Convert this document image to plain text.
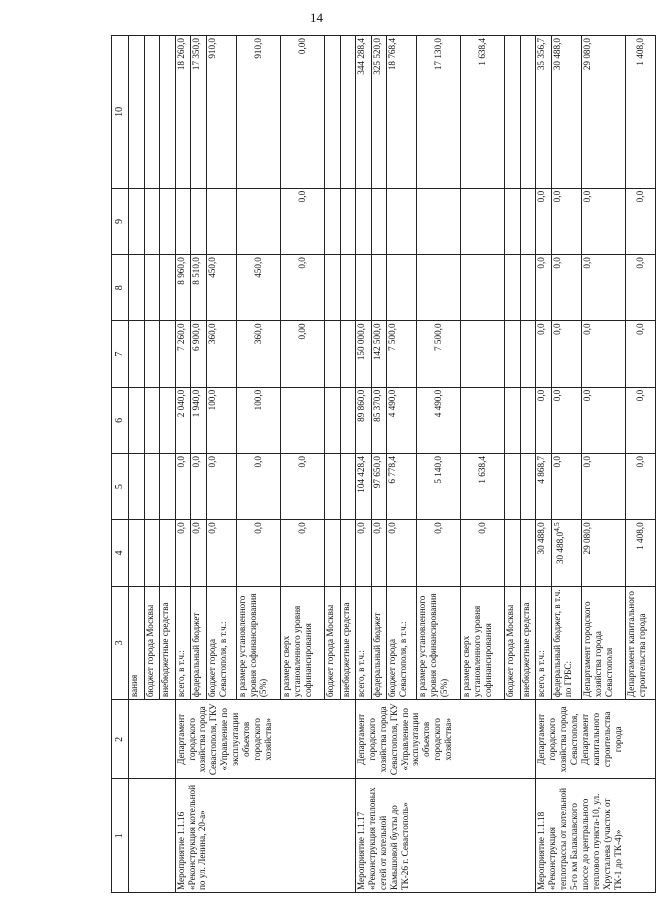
14
1	2	3	4	5	6	7	8	9	10
		вания							
		бюджет города Москвы							
		внебюджетные средства							
Мероприятие 1.1.16 «Реконструкция котельной по ул. Ленина, 20-а»	Департамент городского хозяйства города Севастополя, ГКУ «Управление по эксплуатации объектов городского хозяйства»	всего, в т.ч.:	0,0	0,0	2 040,0	7 260,0	8 960,0		18 260,0
		федеральный бюджет	0,0	0,0	1 940,0	6 900,0	8 510,0		17 350,0
		бюджет города Севастополя, в т.ч.:	0,0	0,0	100,0	360,0	450,0		910,0
		в размере установленного уровня софинансирования (5%)	0,0	0,0	100,0	360,0	450,0		910,0
		в размере сверх установленного уровня софинансирования	0,0	0,0		0,00	0,0	0,0	0,00
		бюджет города Москвы							
		внебюджетные средства							
Мероприятие 1.1.17 «Реконструкция тепловых сетей от котельной Камышовой бухты до ТК-26 г. Севастополь»	Департамент городского хозяйства города Севастополя, ГКУ «Управление по эксплуатации объектов городского хозяйства»	всего, в т.ч.:	0,0	104 428,4	89 860,0	150 000,0			344 288,4
		федеральный бюджет	0,0	97 650,0	85 370,0	142 500,0			325 520,0
		бюджет города Севастополя, в т.ч.:	0,0	6 778,4	4 490,0	7 500,0			18 768,4
		в размере установленного уровня софинансирования (5%)	0,0	5 140,0	4 490,0	7 500,0			17 130,0
		в размере сверх установленного уровня софинансирования	0,0	1 638,4					1 638,4
		бюджет города Москвы							
		внебюджетные средства							
Мероприятие 1.1.18 «Реконструкция теплотрассы от котельной 5-го км Балаклавского шоссе до центрального теплового пункта-10, ул. Хрусталева (участок от ТК-1 до ТК-4)»	Департамент городского хозяйства города Севастополя, Департамент капитального строительства города	всего, в т.ч.:	30 488,0	4 868,7	0,0	0,0	0,0	0,0	35 356,7
		федеральный бюджет, в т.ч. по ГРБС:	30 488,0$^{4,5}$	0,0	0,0	0,0	0,0	0,0	30 488,0
		Департамент городского хозяйства города Севастополя	29 080,0	0,0	0,0	0,0	0,0	0,0	29 080,0
		Департамент капитального строительства города	1 408,0	0,0	0,0	0,0	0,0	0,0	1 408,0
